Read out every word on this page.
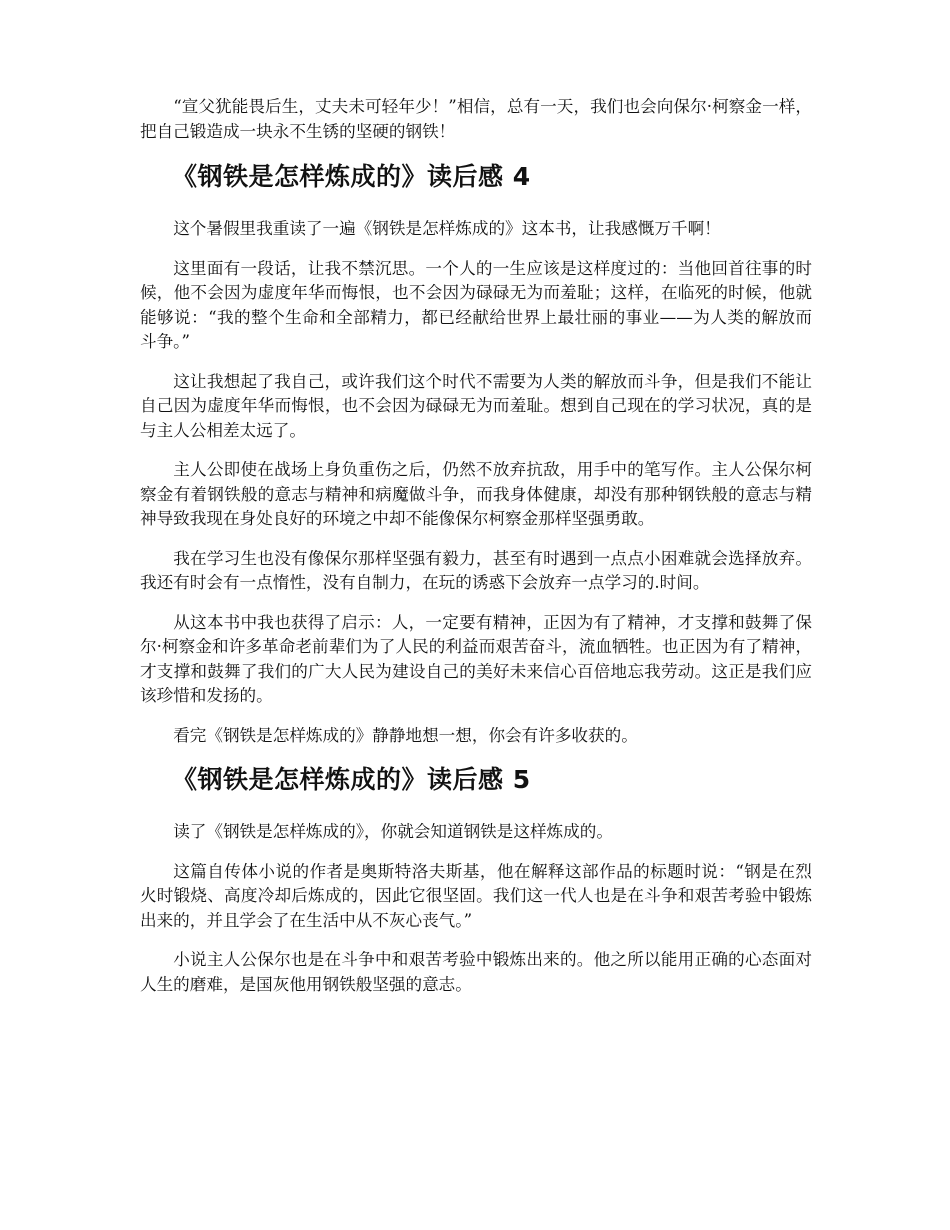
“宣父犹能畏后生，丈夫未可轻年少！”相信，总有一天，我们也会向保尔·柯察金一样，把自己锻造成一块永不生锈的坚硬的钢铁！

《钢铁是怎样炼成的》读后感 4

这个暑假里我重读了一遍《钢铁是怎样炼成的》这本书，让我感慨万千啊！

这里面有一段话，让我不禁沉思。一个人的一生应该是这样度过的：当他回首往事的时候，他不会因为虚度年华而悔恨，也不会因为碌碌无为而羞耻；这样，在临死的时候，他就能够说：“我的整个生命和全部精力，都已经献给世界上最壮丽的事业——为人类的解放而斗争。”

这让我想起了我自己，或许我们这个时代不需要为人类的解放而斗争，但是我们不能让自己因为虚度年华而悔恨，也不会因为碌碌无为而羞耻。想到自己现在的学习状况，真的是与主人公相差太远了。

主人公即使在战场上身负重伤之后，仍然不放弃抗敌，用手中的笔写作。主人公保尔柯察金有着钢铁般的意志与精神和病魔做斗争，而我身体健康，却没有那种钢铁般的意志与精神导致我现在身处良好的环境之中却不能像保尔柯察金那样坚强勇敢。

我在学习生也没有像保尔那样坚强有毅力，甚至有时遇到一点点小困难就会选择放弃。我还有时会有一点惰性，没有自制力，在玩的诱惑下会放弃一点学习的.时间。

从这本书中我也获得了启示：人，一定要有精神，正因为有了精神，才支撑和鼓舞了保尔·柯察金和许多革命老前辈们为了人民的利益而艰苦奋斗，流血牺牲。也正因为有了精神，才支撑和鼓舞了我们的广大人民为建设自己的美好未来信心百倍地忘我劳动。这正是我们应该珍惜和发扬的。

看完《钢铁是怎样炼成的》静静地想一想，你会有许多收获的。

《钢铁是怎样炼成的》读后感 5

读了《钢铁是怎样炼成的》，你就会知道钢铁是这样炼成的。

这篇自传体小说的作者是奥斯特洛夫斯基，他在解释这部作品的标题时说：“钢是在烈火时锻烧、高度冷却后炼成的，因此它很坚固。我们这一代人也是在斗争和艰苦考验中锻炼出来的，并且学会了在生活中从不灰心丧气。”

小说主人公保尔也是在斗争中和艰苦考验中锻炼出来的。他之所以能用正确的心态面对人生的磨难，是国灰他用钢铁般坚强的意志。
